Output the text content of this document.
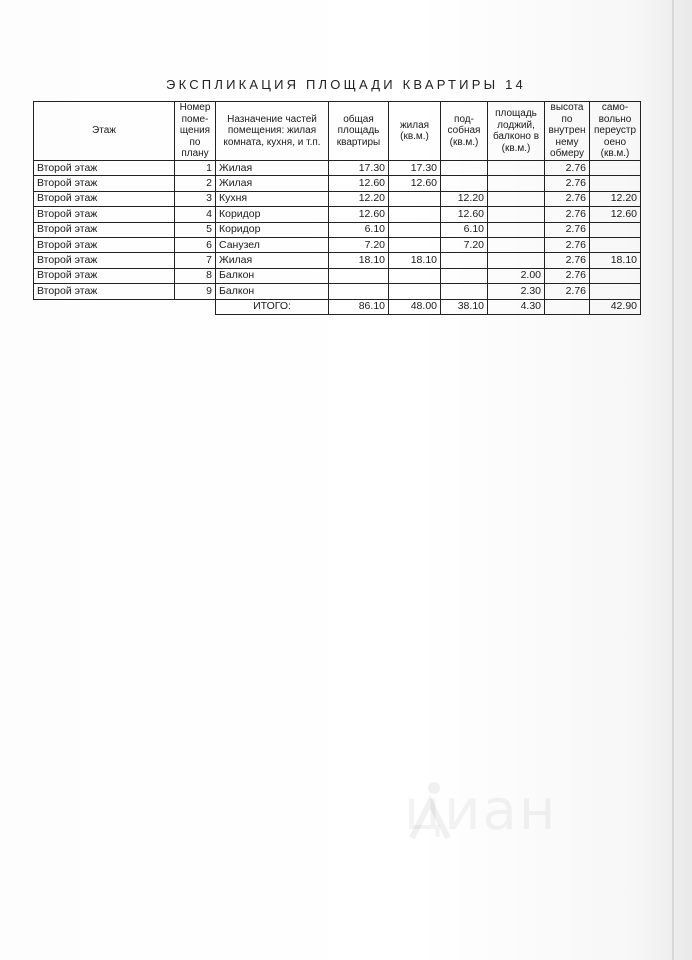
ЭКСПЛИКАЦИЯ ПЛОЩАДИ КВАРТИРЫ 14
Этаж	Номер поме-щения по плану	Назначение частей помещения: жилая комната, кухня, и т.п.	общая площадь квартиры	жилая (кв.м.)	под-собная (кв.м.)	площадь лоджий, балконо в (кв.м.)	высота по внутрен нему обмеру	само-вольно переустр оено (кв.м.)
Второй этаж	1	Жилая	17.30	17.30			2.76	
Второй этаж	2	Жилая	12.60	12.60			2.76	
Второй этаж	3	Кухня	12.20		12.20		2.76	12.20
Второй этаж	4	Коридор	12.60		12.60		2.76	12.60
Второй этаж	5	Коридор	6.10		6.10		2.76	
Второй этаж	6	Санузел	7.20		7.20		2.76	
Второй этаж	7	Жилая	18.10	18.10			2.76	18.10
Второй этаж	8	Балкон				2.00	2.76	
Второй этаж	9	Балкон				2.30	2.76	
		ИТОГО:	86.10	48.00	38.10	4.30		42.90
